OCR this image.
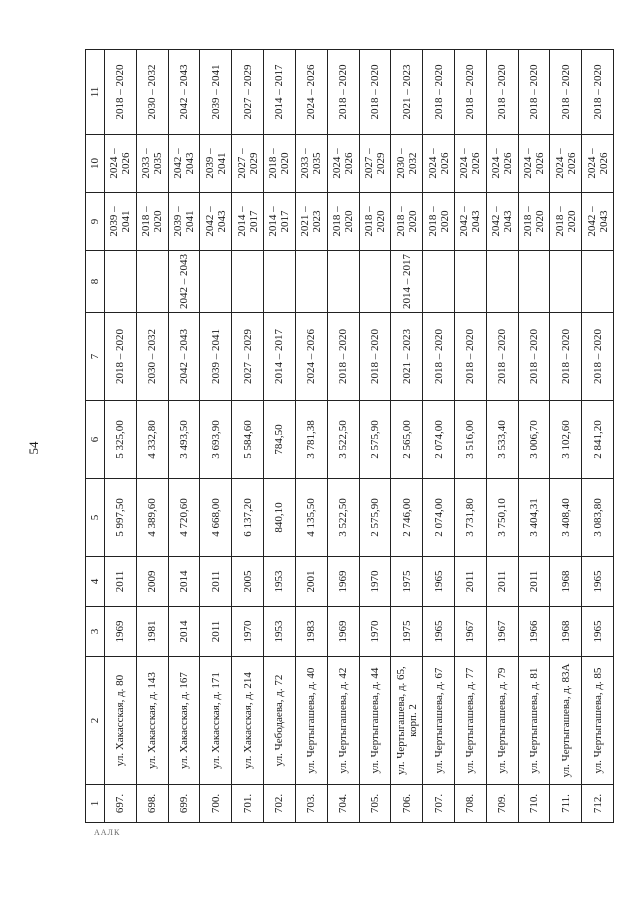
54
1	2	3	4	5	6	7	8	9	10	11
697.	ул. Хакасская, д. 80	1969	2011	5 997,50	5 325,00	2018 – 2020		2039 – 2041	2024 – 2026	2018 – 2020
698.	ул. Хакасская, д. 143	1981	2009	4 389,60	4 332,80	2030 – 2032		2018 – 2020	2033 – 2035	2030 – 2032
699.	ул. Хакасская, д. 167	2014	2014	4 720,60	3 493,50	2042 – 2043	2042 – 2043	2039 – 2041	2042 – 2043	2042 – 2043
700.	ул. Хакасская, д. 171	2011	2011	4 668,00	3 693,90	2039 – 2041		2042 – 2043	2039 – 2041	2039 – 2041
701.	ул. Хакасская, д. 214	1970	2005	6 137,20	5 584,60	2027 – 2029		2014 – 2017	2027 – 2029	2027 – 2029
702.	ул. Чебодаева, д. 72	1953	1953	840,10	784,50	2014 – 2017		2014 – 2017	2018 – 2020	2014 – 2017
703.	ул. Чертыгашева, д. 40	1983	2001	4 135,50	3 781,38	2024 – 2026		2021 – 2023	2033 – 2035	2024 – 2026
704.	ул. Чертыгашева, д. 42	1969	1969	3 522,50	3 522,50	2018 – 2020		2018 – 2020	2024 – 2026	2018 – 2020
705.	ул. Чертыгашева, д. 44	1970	1970	2 575,90	2 575,90	2018 – 2020		2018 – 2020	2027 – 2029	2018 – 2020
706.	ул. Чертыгашева, д. 65, корп. 2	1975	1975	2 746,00	2 565,00	2021 – 2023	2014 – 2017	2018 – 2020	2030 – 2032	2021 – 2023
707.	ул. Чертыгашева, д. 67	1965	1965	2 074,00	2 074,00	2018 – 2020		2018 – 2020	2024 – 2026	2018 – 2020
708.	ул. Чертыгашева, д. 77	1967	2011	3 731,80	3 516,00	2018 – 2020		2042 – 2043	2024 – 2026	2018 – 2020
709.	ул. Чертыгашева, д. 79	1967	2011	3 750,10	3 533,40	2018 – 2020		2042 – 2043	2024 – 2026	2018 – 2020
710.	ул. Чертыгашева, д. 81	1966	2011	3 404,31	3 006,70	2018 – 2020		2018 – 2020	2024 – 2026	2018 – 2020
711.	ул. Чертыгашева, д. 83А	1968	1968	3 408,40	3 102,60	2018 – 2020		2018 – 2020	2024 – 2026	2018 – 2020
712.	ул. Чертыгашева, д. 85	1965	1965	3 083,80	2 841,20	2018 – 2020		2042 – 2043	2024 – 2026	2018 – 2020
ААЛК
